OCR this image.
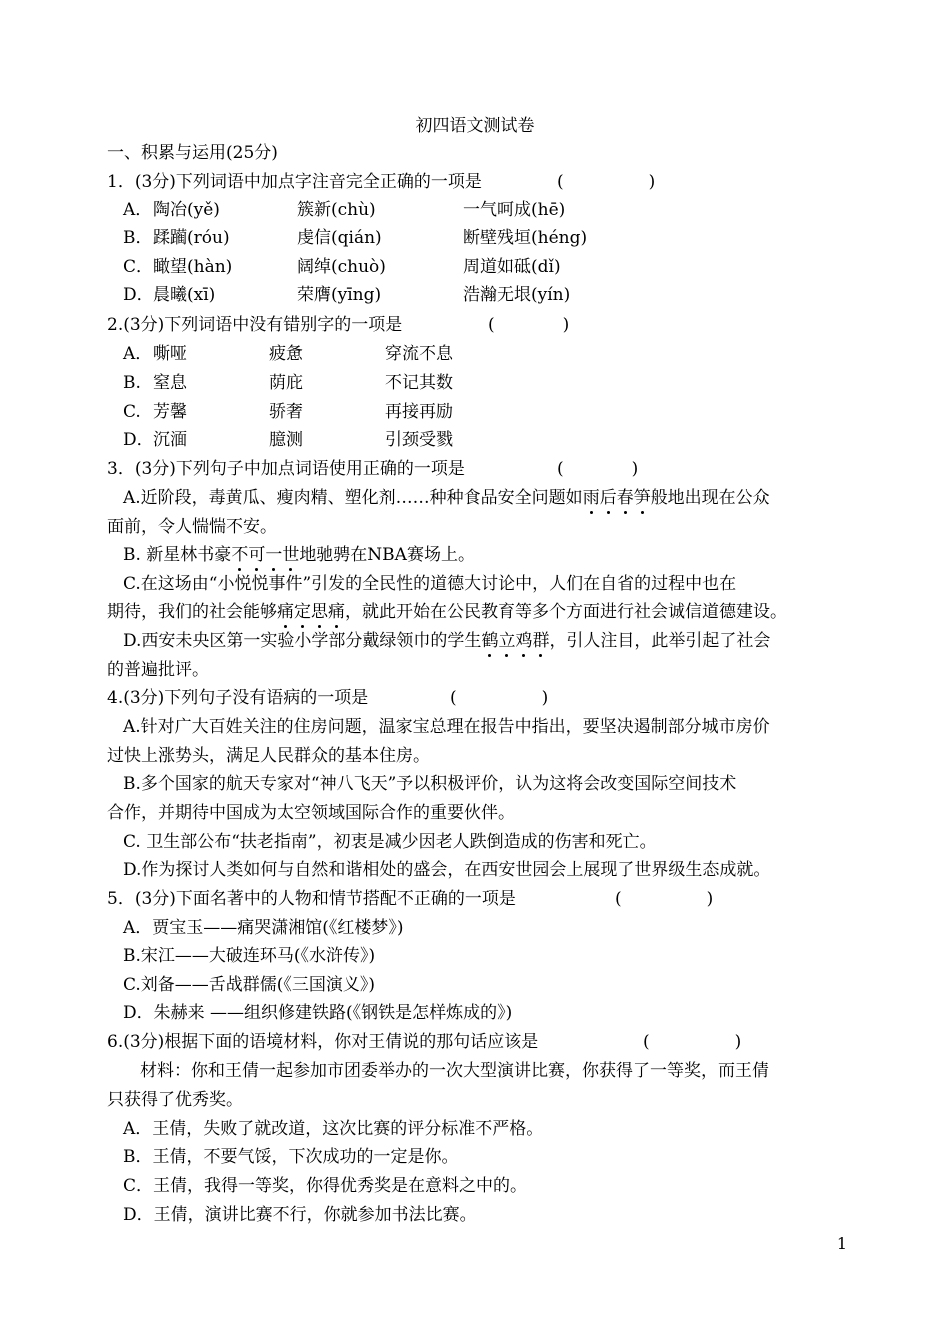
初四语文测试卷
一、积累与运用(25分)
1．(3分)下列词语中加点字注音完全正确的一项是	(　　　　　)
A． 陶冶(yě)	簇新(chù)	一气呵成(hē)
B． 蹂躏(róu)	虔信(qián)	断壁残垣(héng)
C． 瞰望(hàn)	阔绰(chuò)	周道如砥(dǐ)
D． 晨曦(xī)	荣膺(yīng)	浩瀚无垠(yín)
2.(3分)下列词语中没有错别字的一项是	(　　　　)
A． 嘶哑	疲惫	穿流不息
B. 窒息	荫庇	不记其数
C. 芳馨	骄奢	再接再励
D． 沉湎	臆测	引颈受戮
3．(3分)下列句子中加点词语使用正确的一项是	(　　　　)
A.近阶段，毒黄瓜、瘦肉精、塑化剂……种种食品安全问题如雨后春笋般地出现在公众
面前，令人惴惴不安。
B. 新星林书豪不可一世地驰骋在NBA赛场上。
C.在这场由“小悦悦事件”引发的全民性的道德大讨论中，人们在自省的过程中也在
期待，我们的社会能够痛定思痛，就此开始在公民教育等多个方面进行社会诚信道德建设。
D.西安未央区第一实验小学部分戴绿领巾的学生鹤立鸡群，引人注目，此举引起了社会
的普遍批评。
4.(3分)下列句子没有语病的一项是	(　　　　　)
A.针对广大百姓关注的住房问题，温家宝总理在报告中指出，要坚决遏制部分城市房价
过快上涨势头，满足人民群众的基本住房。
B.多个国家的航天专家对“神八飞天”予以积极评价，认为这将会改变国际空间技术
合作，并期待中国成为太空领域国际合作的重要伙伴。
C. 卫生部公布“扶老指南”，初衷是减少因老人跌倒造成的伤害和死亡。
D.作为探讨人类如何与自然和谐相处的盛会，在西安世园会上展现了世界级生态成就。
5．(3分)下面名著中的人物和情节搭配不正确的一项是	(　　　　　)
A．贾宝玉——痛哭潇湘馆(《红楼梦》)
B.宋江——大破连环马(《水浒传》)
C.刘备——舌战群儒(《三国演义》)
D．朱赫来 ——组织修建铁路(《钢铁是怎样炼成的》)
6.(3分)根据下面的语境材料，你对王倩说的那句话应该是	(　　　　　)
材料：你和王倩一起参加市团委举办的一次大型演讲比赛，你获得了一等奖，而王倩
只获得了优秀奖。
A．王倩，失败了就改道，这次比赛的评分标准不严格。
B．王倩，不要气馁，下次成功的一定是你。
C．王倩，我得一等奖，你得优秀奖是在意料之中的。
D．王倩，演讲比赛不行，你就参加书法比赛。
1
